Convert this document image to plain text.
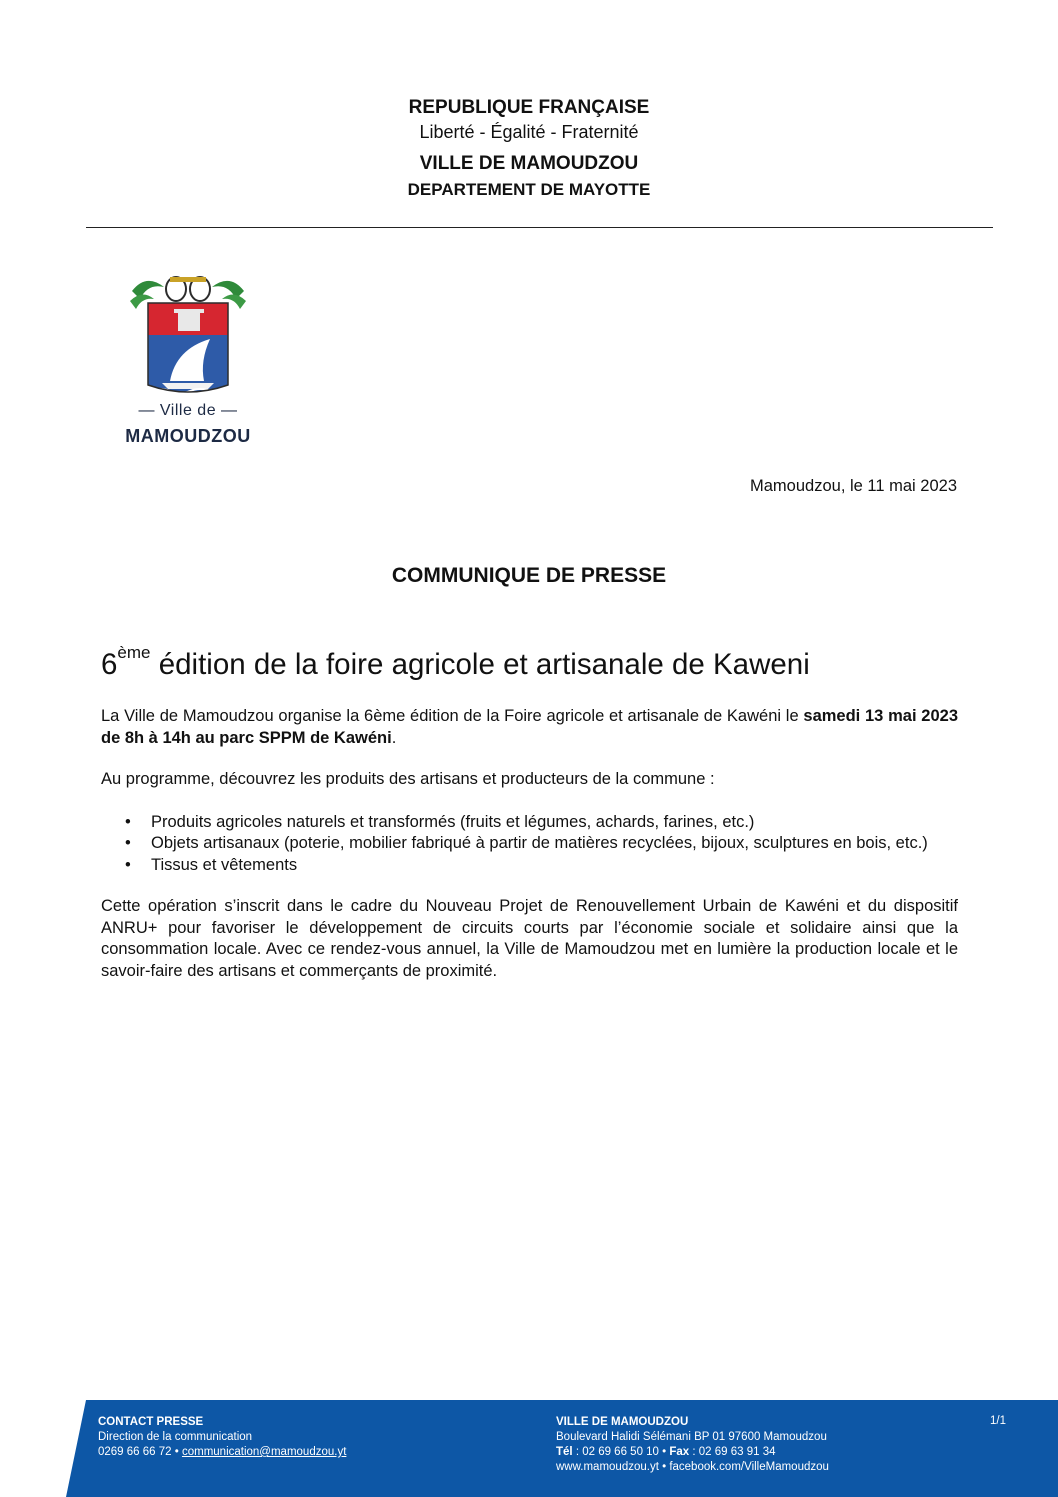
REPUBLIQUE FRANÇAISE
Liberté - Égalité - Fraternité
VILLE DE MAMOUDZOU
DEPARTEMENT DE MAYOTTE
— Ville de —
MAMOUDZOU
Mamoudzou, le 11 mai 2023
COMMUNIQUE DE PRESSE
6ème édition de la foire agricole et artisanale de Kaweni

La Ville de Mamoudzou organise la 6ème édition de la Foire agricole et artisanale de Kawéni le samedi 13 mai 2023 de 8h à 14h au parc SPPM de Kawéni.

Au programme, découvrez les produits des artisans et producteurs de la commune :

• Produits agricoles naturels et transformés (fruits et légumes, achards, farines, etc.)
• Objets artisanaux (poterie, mobilier fabriqué à partir de matières recyclées, bijoux, sculptures en bois, etc.)
• Tissus et vêtements

Cette opération s’inscrit dans le cadre du Nouveau Projet de Renouvellement Urbain de Kawéni et du dispositif ANRU+ pour favoriser le développement de circuits courts par l’économie sociale et solidaire ainsi que la consommation locale. Avec ce rendez-vous annuel, la Ville de Mamoudzou met en lumière la production locale et le savoir-faire des artisans et commerçants de proximité.

CONTACT PRESSE
Direction de la communication
0269 66 66 72 • communication@mamoudzou.yt
VILLE DE MAMOUDZOU
Boulevard Halidi Sélémani BP 01 97600 Mamoudzou
Tél : 02 69 66 50 10 • Fax : 02 69 63 91 34
www.mamoudzou.yt • facebook.com/VilleMamoudzou
1/1
